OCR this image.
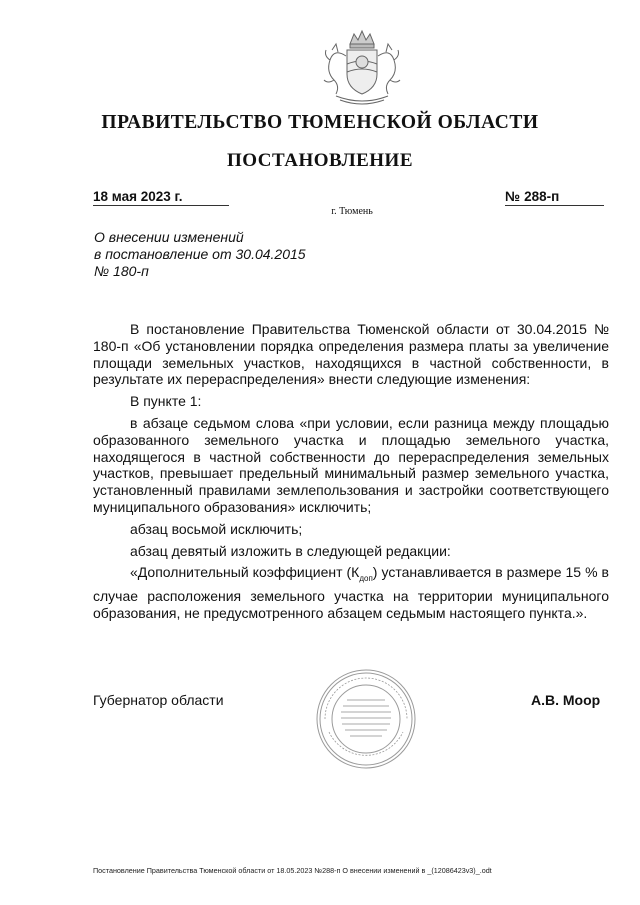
ПРАВИТЕЛЬСТВО ТЮМЕНСКОЙ ОБЛАСТИ
ПОСТАНОВЛЕНИЕ
18 мая 2023 г.	№ 288-п
г. Тюмень
О внесении изменений
в постановление от 30.04.2015
№ 180-п

В постановление Правительства Тюменской области от 30.04.2015 № 180-п «Об установлении порядка определения размера платы за увеличение площади земельных участков, находящихся в частной собственности, в результате их перераспределения» внести следующие изменения:

В пункте 1:

в абзаце седьмом слова «при условии, если разница между площадью образованного земельного участка и площадью земельного участка, находящегося в частной собственности до перераспределения земельных участков, превышает предельный минимальный размер земельного участка, установленный правилами землепользования и застройки соответствующего муниципального образования» исключить;

абзац восьмой исключить;

абзац девятый изложить в следующей редакции:

«Дополнительный коэффициент $(К_{доп})$ устанавливается в размере 15 % в случае расположения земельного участка на территории муниципального образования, не предусмотренного абзацем седьмым настоящего пункта.».

Губернатор области	А.В. Моор
Постановление Правительства Тюменской области от 18.05.2023 №288-п О внесении изменений в _(12086423v3)_.odt
